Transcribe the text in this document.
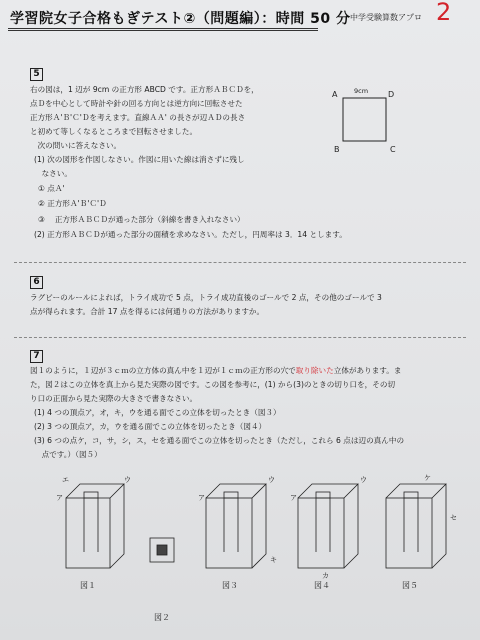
学習院女子合格もぎテスト②（問題編）：時間 50 分 中学受験算数アプロ 2
5
右の図は，1 辺が 9cm の正方形 ABCD です。正方形ＡＢＣＤを，
点Ｄを中心として時計や針の回る方向とは逆方向に回転させた
正方形Ａ'Ｂ'Ｃ'Ｄを考えます。直線ＡＡ' の長さが辺ＡＤの長さ
と初めて等しくなるところまで回転させました。
　次の問いに答えなさい。
(1) 次の図形を作図しなさい。作図に用いた線は消さずに残し
　なさい。
① 点Ａ'
② 正方形Ａ'Ｂ'Ｃ'Ｄ
③ 　正方形ＡＢＣＤが通った部分（斜線を書き入れなさい）
(2) 正方形ＡＢＣＤが通った部分の面積を求めなさい。ただし，円周率は 3．14 とします。
A	D
B	C
9cm
6
ラグビーのルールによれば，トライ成功で 5 点，トライ成功直後のゴールで 2 点，その他のゴールで 3
点が得られます。合計 17 点を得るには何通りの方法がありますか。
7
図１のように，１辺が３ｃｍの立方体の真ん中を１辺が１ｃｍの正方形の穴で取り除いた立体があります。ま
た，図２はこの立体を真上から見た実際の図です。この図を参考に，(1) から(3)のときの切り口を，その切
り口の正面から見た実際の大きさで書きなさい。
(1) 4 つの頂点ア，オ，キ，ウを通る面でこの立体を切ったとき（図３）
(2) 3 つの頂点ア，カ，ウを通る面でこの立体を切ったとき（図４）
(3) 6 つの点ケ，コ，サ，シ，ス，セを通る面でこの立体を切ったとき（ただし，これら 6 点は辺の真ん中の
　点です。）（図５）
エ	ウ
ア	ア
ウ
キ
ア
ウ
カ
ケ
セ
図１
図２
図３	図４	図５
